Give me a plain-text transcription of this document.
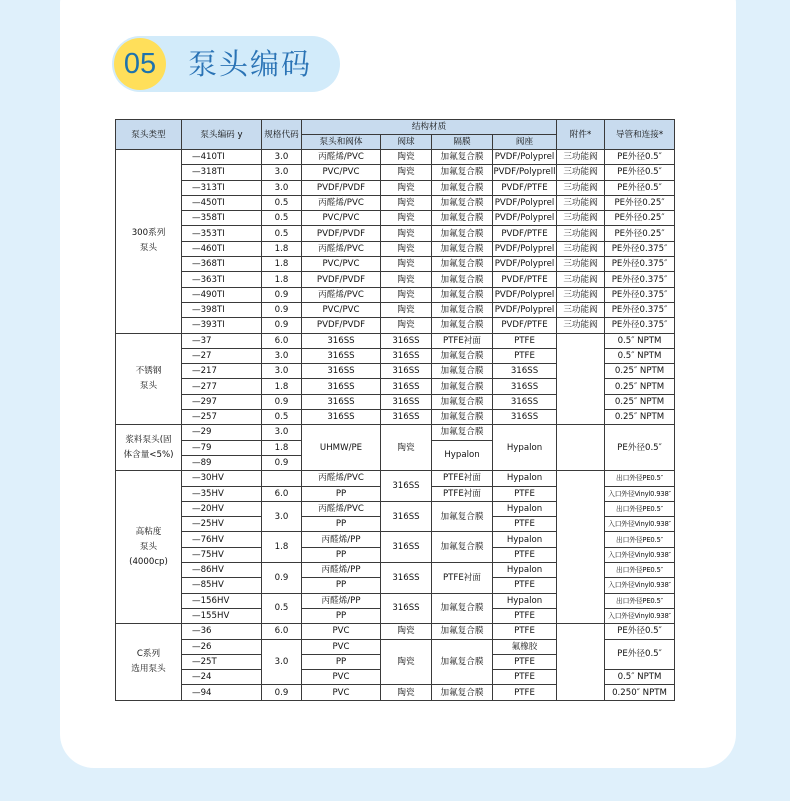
05	泵头编码
泵头类型	泵头编码 y	规格代码	结构材质				附件*	导管和连接*
			泵头和阀体	阀球	隔膜	阀座		
300系列
泵头	—410TI	3.0	丙醛烯/PVC	陶瓷	加氟复合膜	PVDF/Polyprel	三功能阀	PE外径0.5″
	—318TI	3.0	PVC/PVC	陶瓷	加氟复合膜	PVDF/Polyprell	三功能阀	PE外径0.5″
	—313TI	3.0	PVDF/PVDF	陶瓷	加氟复合膜	PVDF/PTFE	三功能阀	PE外径0.5″
	—450TI	0.5	丙醛烯/PVC	陶瓷	加氟复合膜	PVDF/Polyprel	三功能阀	PE外径0.25″
	—358TI	0.5	PVC/PVC	陶瓷	加氟复合膜	PVDF/Polyprel	三功能阀	PE外径0.25″
	—353TI	0.5	PVDF/PVDF	陶瓷	加氟复合膜	PVDF/PTFE	三功能阀	PE外径0.25″
	—460TI	1.8	丙醛烯/PVC	陶瓷	加氟复合膜	PVDF/Polyprel	三功能阀	PE外径0.375″
	—368TI	1.8	PVC/PVC	陶瓷	加氟复合膜	PVDF/Polyprel	三功能阀	PE外径0.375″
	—363TI	1.8	PVDF/PVDF	陶瓷	加氟复合膜	PVDF/PTFE	三功能阀	PE外径0.375″
	—490TI	0.9	丙醛烯/PVC	陶瓷	加氟复合膜	PVDF/Polyprel	三功能阀	PE外径0.375″
	—398TI	0.9	PVC/PVC	陶瓷	加氟复合膜	PVDF/Polyprel	三功能阀	PE外径0.375″
	—393TI	0.9	PVDF/PVDF	陶瓷	加氟复合膜	PVDF/PTFE	三功能阀	PE外径0.375″
不锈钢
泵头	—37	6.0	316SS	316SS	PTFE衬面	PTFE		0.5″ NPTM
	—27	3.0	316SS	316SS	加氟复合膜	PTFE		0.5″ NPTM
	—217	3.0	316SS	316SS	加氟复合膜	316SS		0.25″ NPTM
	—277	1.8	316SS	316SS	加氟复合膜	316SS		0.25″ NPTM
	—297	0.9	316SS	316SS	加氟复合膜	316SS		0.25″ NPTM
	—257	0.5	316SS	316SS	加氟复合膜	316SS		0.25″ NPTM
浆料泵头(固
体含量<5%)	—29	3.0	UHMW/PE	陶瓷	加氟复合膜	Hypalon		PE外径0.5″
	—79	1.8			Hypalon			
	—89	0.9						
高粘度
泵头
(4000cp)	—30HV		丙醛烯/PVC	316SS	PTFE衬面	Hypalon		出口外径PE0.5″
	—35HV	6.0	PP		PTFE衬面	PTFE		入口外径Vinyl0.938″
	—20HV	3.0	丙醛烯/PVC	316SS	加氟复合膜	Hypalon		出口外径PE0.5″
	—25HV		PP			PTFE		入口外径Vinyl0.938″
	—76HV	1.8	丙醛烯/PP	316SS	加氟复合膜	Hypalon		出口外径PE0.5″
	—75HV		PP			PTFE		入口外径Vinyl0.938″
	—86HV	0.9	丙醛烯/PP	316SS	PTFE衬面	Hypalon		出口外径PE0.5″
	—85HV		PP			PTFE		入口外径Vinyl0.938″
	—156HV	0.5	丙醛烯/PP	316SS	加氟复合膜	Hypalon		出口外径PE0.5″
	—155HV		PP			PTFE		入口外径Vinyl0.938″
C系列
选用泵头	—36	6.0	PVC	陶瓷	加氟复合膜	PTFE		PE外径0.5″
	—26	3.0	PVC	陶瓷	加氟复合膜	氟橡胶		PE外径0.5″
	—25T		PP			PTFE		
	—24		PVC			PTFE		0.5″ NPTM
	—94	0.9	PVC	陶瓷	加氟复合膜	PTFE		0.250″ NPTM
